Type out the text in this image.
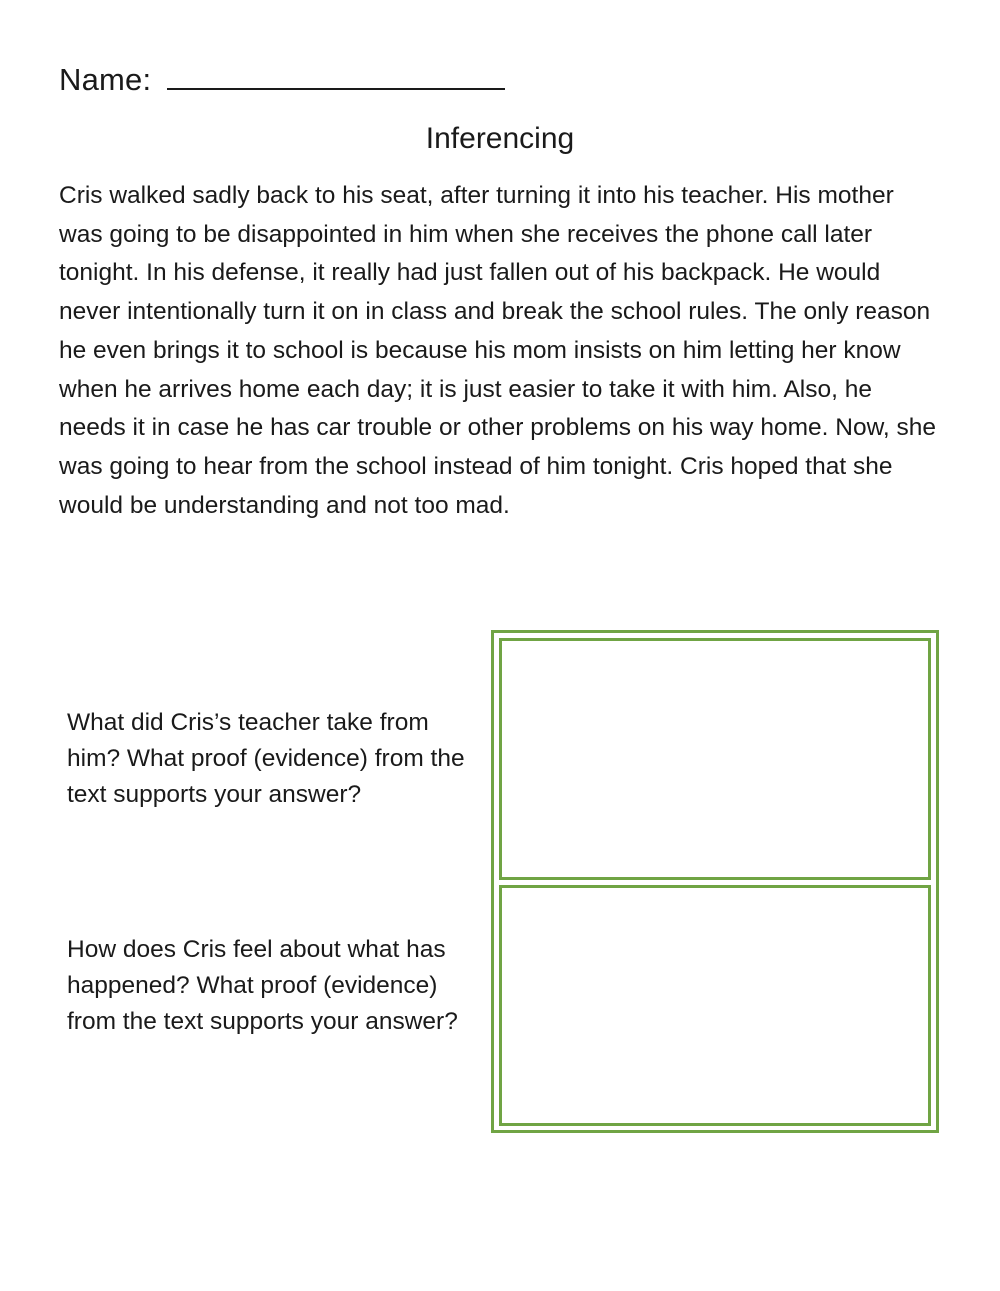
Name:
Inferencing

Cris walked sadly back to his seat, after turning it into his teacher. His mother was going to be disappointed in him when she receives the phone call later tonight. In his defense, it really had just fallen out of his backpack. He would never intentionally turn it on in class and break the school rules. The only reason he even brings it to school is because his mom insists on him letting her know when he arrives home each day; it is just easier to take it with him. Also, he needs it in case he has car trouble or other problems on his way home. Now, she was going to hear from the school instead of him tonight. Cris hoped that she would be understanding and not too mad.

What did Cris’s teacher take from him? What proof (evidence) from the text supports your answer?

How does Cris feel about what has happened? What proof (evidence) from the text supports your answer?
